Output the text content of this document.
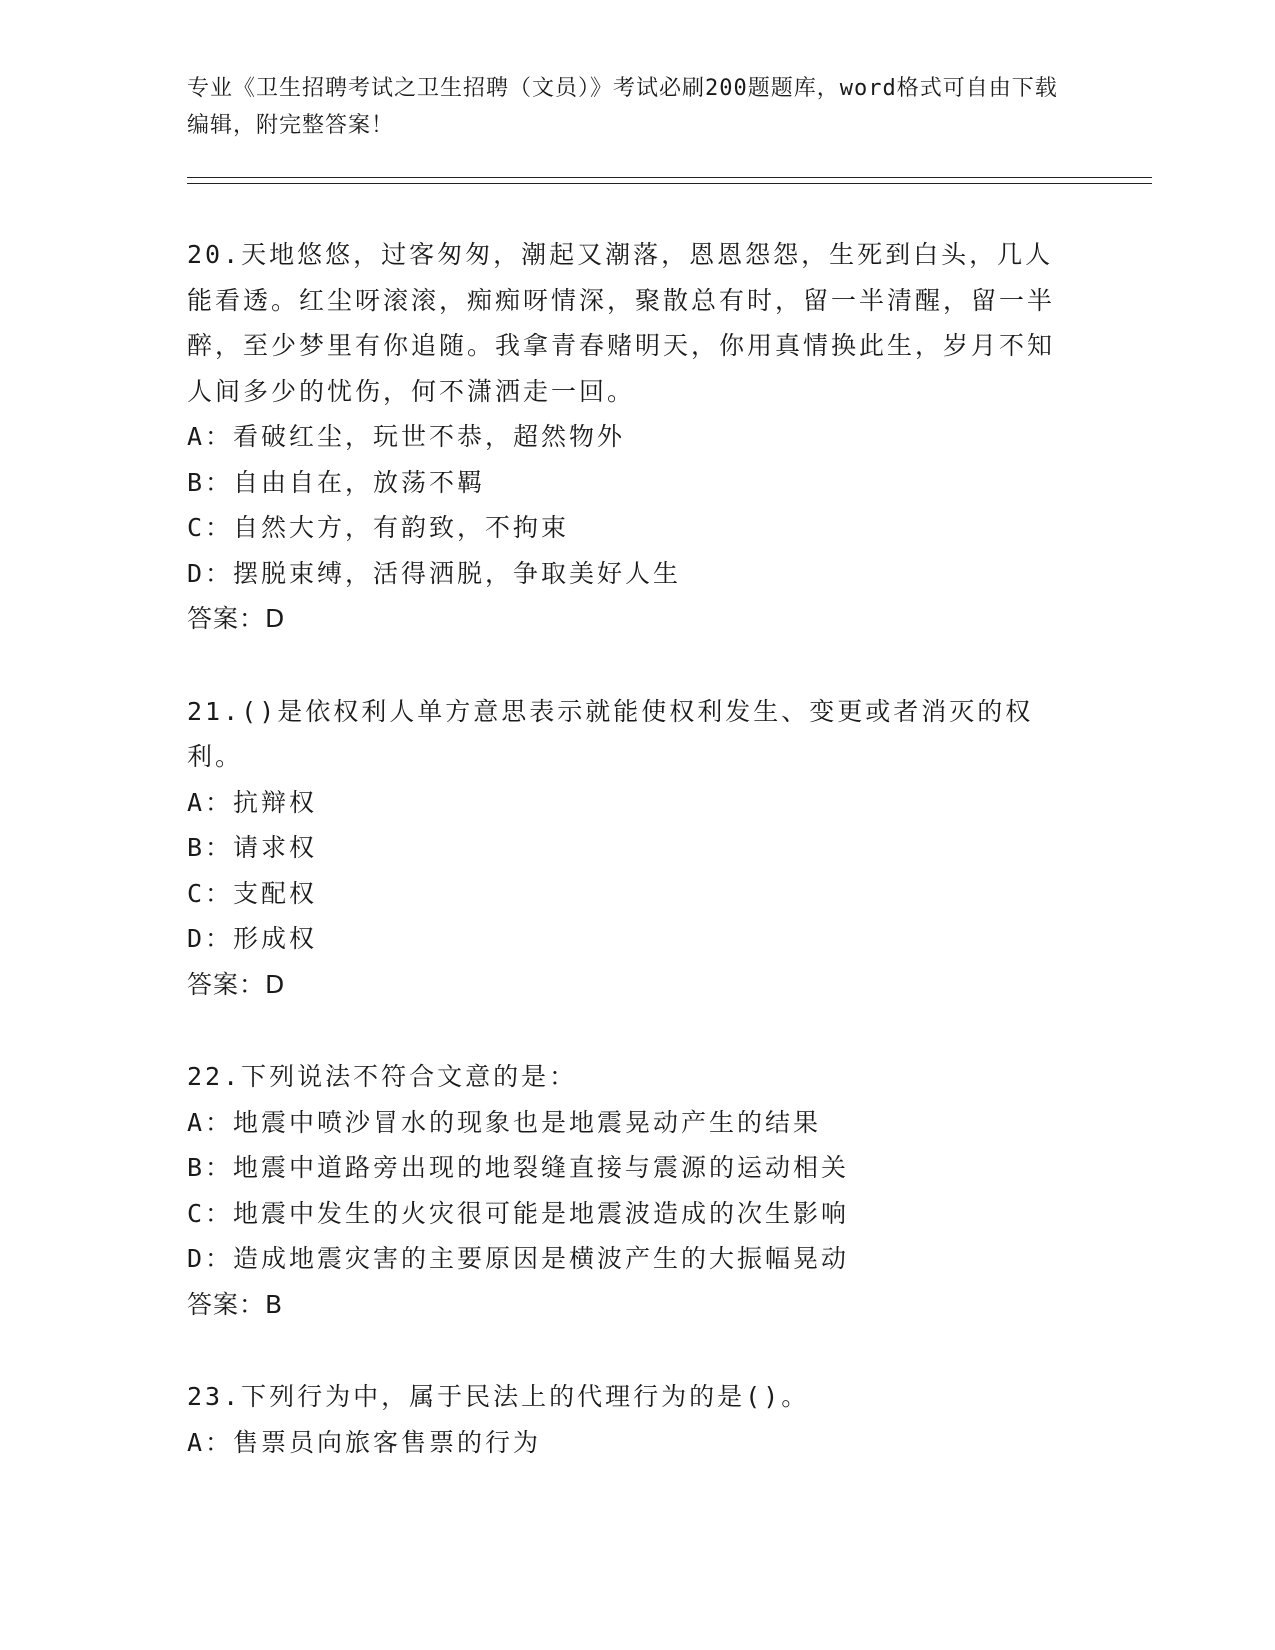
专业《卫生招聘考试之卫生招聘（文员）》考试必刷200题题库，word格式可自由下载编辑，附完整答案！
20.天地悠悠，过客匆匆，潮起又潮落，恩恩怨怨，生死到白头，几人能看透。红尘呀滚滚，痴痴呀情深，聚散总有时，留一半清醒，留一半醉，至少梦里有你追随。我拿青春赌明天，你用真情换此生，岁月不知人间多少的忧伤，何不潇洒走一回。
A：看破红尘，玩世不恭，超然物外
B：自由自在，放荡不羁
C：自然大方，有韵致，不拘束
D：摆脱束缚，活得洒脱，争取美好人生
答案：D
21.()是依权利人单方意思表示就能使权利发生、变更或者消灭的权利。
A：抗辩权
B：请求权
C：支配权
D：形成权
答案：D
22.下列说法不符合文意的是：
A：地震中喷沙冒水的现象也是地震晃动产生的结果
B：地震中道路旁出现的地裂缝直接与震源的运动相关
C：地震中发生的火灾很可能是地震波造成的次生影响
D：造成地震灾害的主要原因是横波产生的大振幅晃动
答案：B
23.下列行为中，属于民法上的代理行为的是()。
A：售票员向旅客售票的行为
